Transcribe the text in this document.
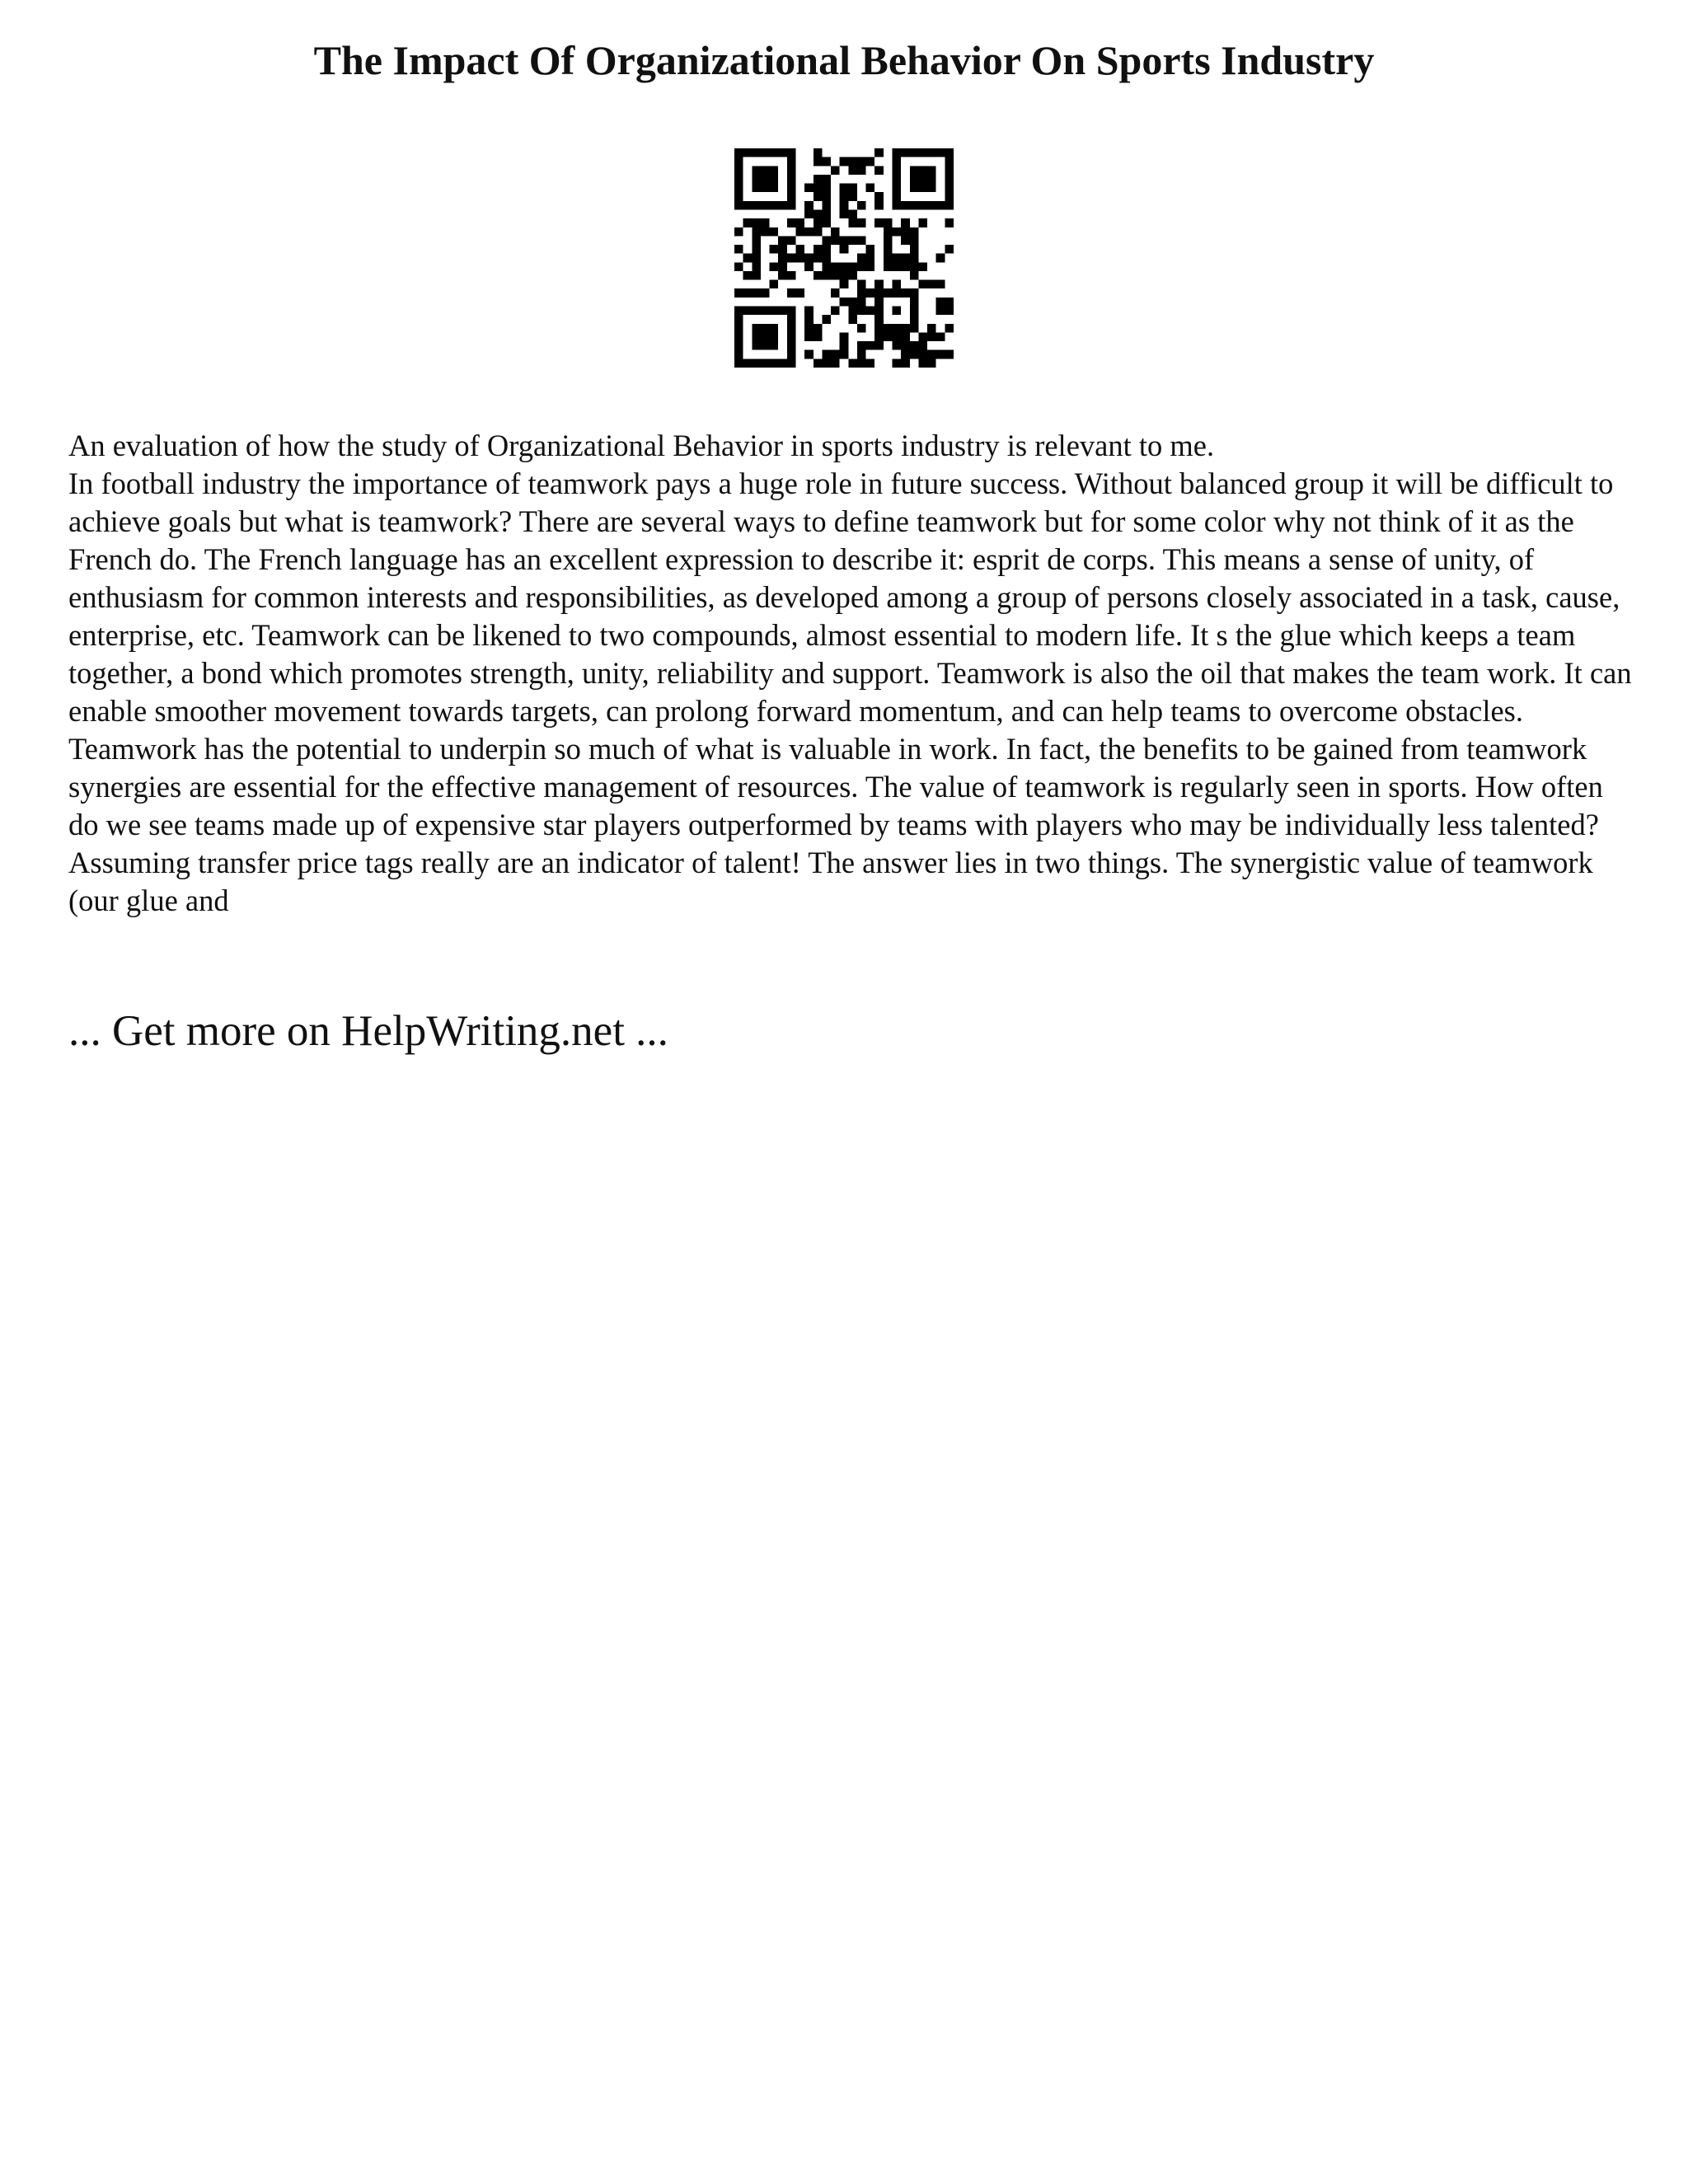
The Impact Of Organizational Behavior On Sports Industry

An evaluation of how the study of Organizational Behavior in sports industry is relevant to me.

In football industry the importance of teamwork pays a huge role in future success. Without balanced group it will be difficult to achieve goals but what is teamwork? There are several ways to define teamwork but for some color why not think of it as the French do. The French language has an excellent expression to describe it: esprit de corps. This means a sense of unity, of enthusiasm for common interests and responsibilities, as developed among a group of persons closely associated in a task, cause, enterprise, etc. Teamwork can be likened to two compounds, almost essential to modern life. It s the glue which keeps a team together, a bond which promotes strength, unity, reliability and support. Teamwork is also the oil that makes the team work. It can enable smoother movement towards targets, can prolong forward momentum, and can help teams to overcome obstacles. Teamwork has the potential to underpin so much of what is valuable in work. In fact, the benefits to be gained from teamwork synergies are essential for the effective management of resources. The value of teamwork is regularly seen in sports. How often do we see teams made up of expensive star players outperformed by teams with players who may be individually less talented? Assuming transfer price tags really are an indicator of talent! The answer lies in two things. The synergistic value of teamwork (our glue and

... Get more on HelpWriting.net ...
